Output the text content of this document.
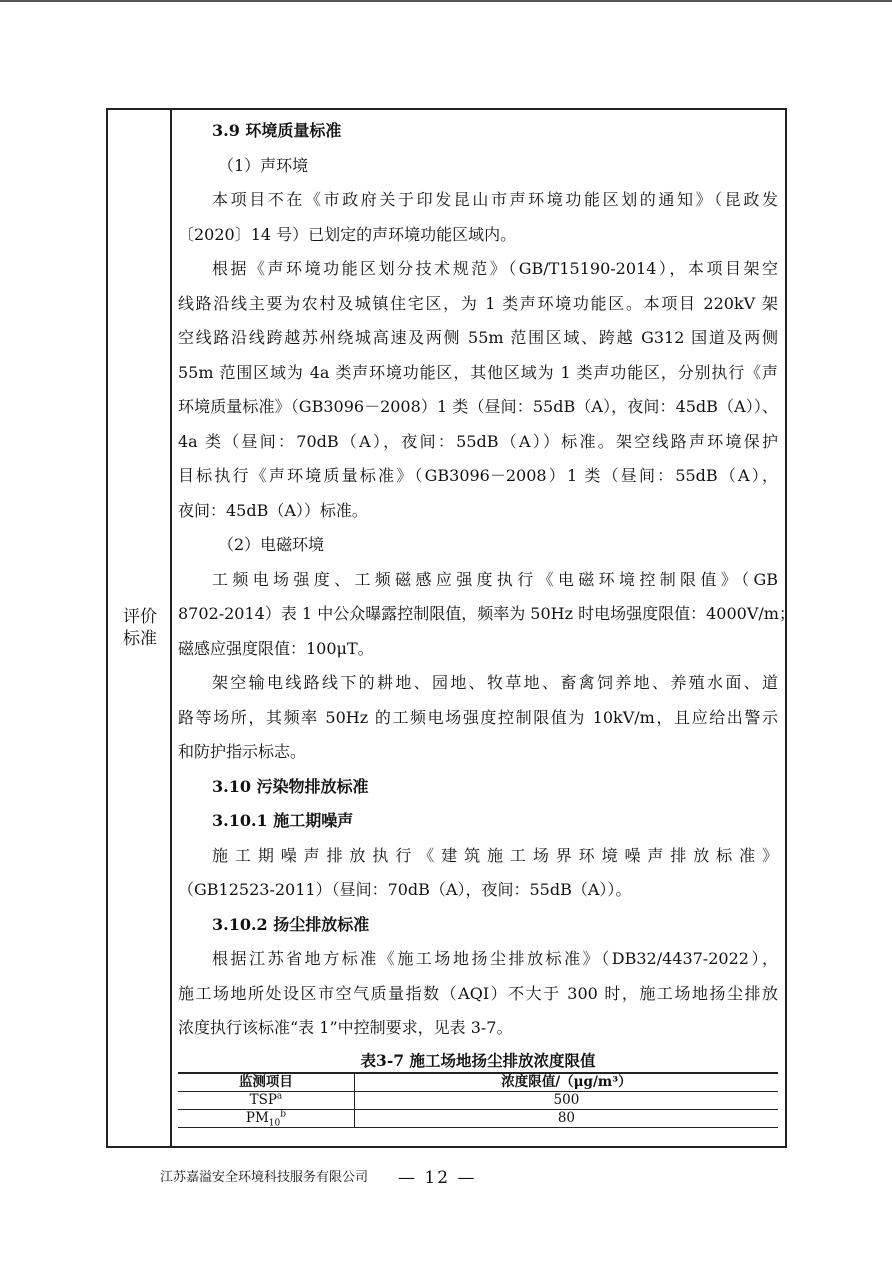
评价
标准
3.9 环境质量标准
（1）声环境
本项目不在《市政府关于印发昆山市声环境功能区划的通知》（昆政发
〔2020〕14 号）已划定的声环境功能区域内。
根据《声环境功能区划分技术规范》（GB/T15190-2014），本项目架空
线路沿线主要为农村及城镇住宅区，为 1 类声环境功能区。本项目 220kV 架
空线路沿线跨越苏州绕城高速及两侧 55m 范围区域、跨越 G312 国道及两侧
55m 范围区域为 4a 类声环境功能区，其他区域为 1 类声功能区，分别执行《声
环境质量标准》（GB3096－2008）1 类（昼间：55dB（A），夜间：45dB（A））、
4a 类（昼间：70dB（A），夜间：55dB（A））标准。架空线路声环境保护
目标执行《声环境质量标准》（GB3096－2008）1 类（昼间：55dB（A），
夜间：45dB（A））标准。
（2）电磁环境
工频电场强度、工频磁感应强度执行《电磁环境控制限值》（GB
8702-2014）表 1 中公众曝露控制限值，频率为 50Hz 时电场强度限值：4000V/m；
磁感应强度限值：100μT。
架空输电线路线下的耕地、园地、牧草地、畜禽饲养地、养殖水面、道
路等场所，其频率 50Hz 的工频电场强度控制限值为 10kV/m，且应给出警示
和防护指示标志。
3.10 污染物排放标准
3.10.1 施工期噪声
施工期噪声排放执行《建筑施工场界环境噪声排放标准》
（GB12523-2011）（昼间：70dB（A），夜间：55dB（A））。
3.10.2 扬尘排放标准
根据江苏省地方标准《施工场地扬尘排放标准》（DB32/4437-2022），
施工场地所处设区市空气质量指数（AQI）不大于 300 时，施工场地扬尘排放
浓度执行该标准“表 1”中控制要求，见表 3-7。
表3-7 施工场地扬尘排放浓度限值
监测项目	浓度限值/（μg/m³）
TSP$^a$	500
$PM_{10}^b$	80
江苏嘉溢安全环境科技服务有限公司 — 12 —
